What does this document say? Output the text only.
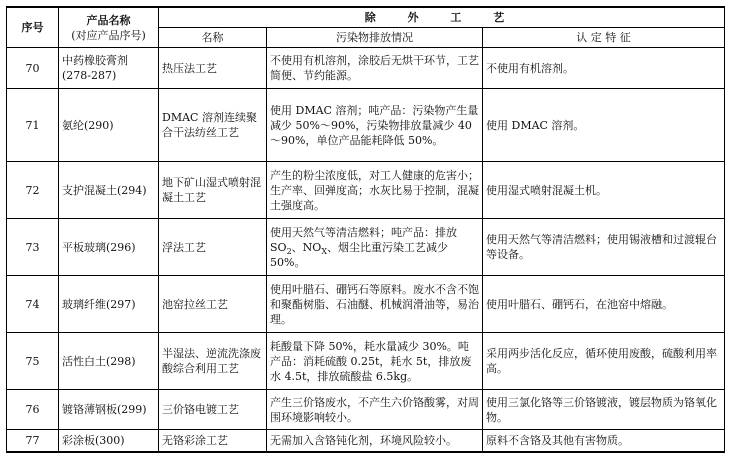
序号	产品名称
(对应产品序号)	除 外 工 艺		
		名称	污染物排放情况	认 定 特 征
70	中药橡胶膏剂(278-287)	热压法工艺	不使用有机溶剂，涂胶后无烘干环节，工艺简便、节约能源。	不使用有机溶剂。
71	氨纶(290)	DMAC 溶剂连续聚合干法纺丝工艺	使用 DMAC 溶剂；吨产品：污染物产生量减少 50%～90%，污染物排放量减少 40～90%，单位产品能耗降低 50%。	使用 DMAC 溶剂。
72	支护混凝土(294)	地下矿山湿式喷射混凝土工艺	产生的粉尘浓度低，对工人健康的危害小；生产率、回弹度高；水灰比易于控制，混凝土强度高。	使用湿式喷射混凝土机。
73	平板玻璃(296)	浮法工艺	使用天然气等清洁燃料；吨产品：排放 $SO_2$、$NO_X$、烟尘比重污染工艺减少 50%。	使用天然气等清洁燃料；使用锡液槽和过渡辊台等设备。
74	玻璃纤维(297)	池窑拉丝工艺	使用叶腊石、硼钙石等原料。废水不含不饱和聚酯树脂、石油醚、机械润滑油等，易治理。	使用叶腊石、硼钙石，在池窑中熔融。
75	活性白土(298)	半湿法、逆流洗涤废酸综合利用工艺	耗酸量下降 50%，耗水量减少 30%。吨产品：消耗硫酸 0.25t，耗水 5t，排放废水 4.5t，排放硫酸盐 6.5kg。	采用两步活化反应，循环使用废酸，硫酸利用率高。
76	镀铬薄钢板(299)	三价铬电镀工艺	产生三价铬废水，不产生六价铬酸雾，对周围环境影响较小。	使用三氯化铬等三价铬镀液，镀层物质为铬氧化物。
77	彩涂板(300)	无铬彩涂工艺	无需加入含铬钝化剂，环境风险较小。	原料不含铬及其他有害物质。
